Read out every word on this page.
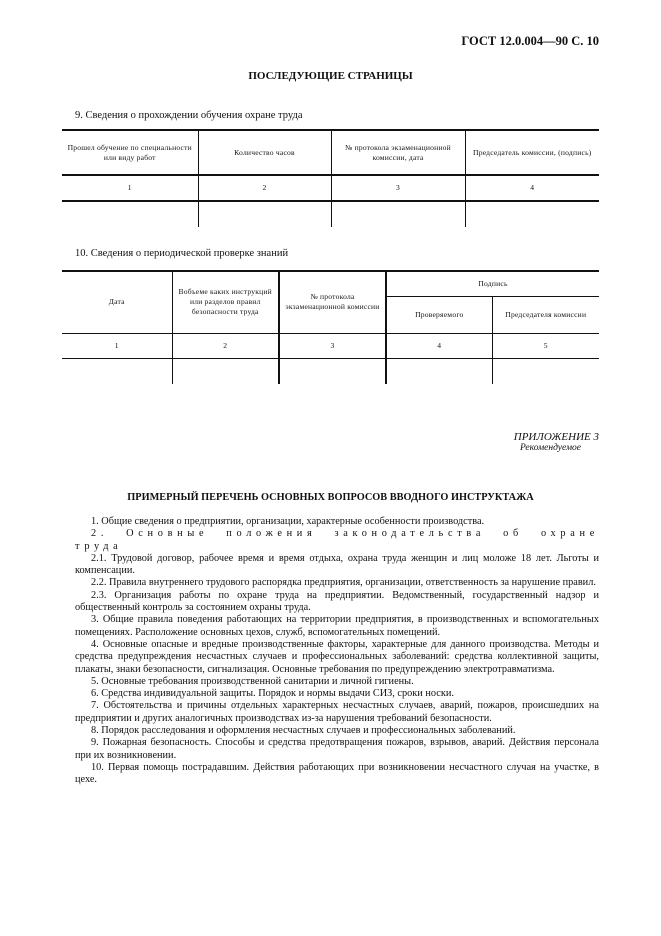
ГОСТ 12.0.004—90 С. 10
ПОСЛЕДУЮЩИЕ СТРАНИЦЫ
9. Сведения о прохождении обучения охране труда
Прошел обучение по специальности или виду работ	Количество часов	№ протокола экзаменационной комиссии, дата	Председатель комиссии, (подпись)
1	2	3	4

10. Сведения о периодической проверке знаний
Дата	Вобъеме каких инструкций или разделов правил безопасности труда	№ протокола экзаменационной комиссии	Подпись	
			Проверяемого	Председателя комиссии
1	2	3	4	5

ПРИЛОЖЕНИЕ 3
Рекомендуемое
ПРИМЕРНЫЙ ПЕРЕЧЕНЬ ОСНОВНЫХ ВОПРОСОВ ВВОДНОГО ИНСТРУКТАЖА

1. Общие сведения о предприятии, организации, характерные особенности производства.

2. Основные положения законодательства об охране труда

2.1. Трудовой договор, рабочее время и время отдыха, охрана труда женщин и лиц моложе 18 лет. Льготы и компенсации.

2.2. Правила внутреннего трудового распорядка предприятия, организации, ответственность за нарушение правил.

2.3. Организация работы по охране труда на предприятии. Ведомственный, государственный надзор и общественный контроль за состоянием охраны труда.

3. Общие правила поведения работающих на территории предприятия, в производственных и вспомогательных помещениях. Расположение основных цехов, служб, вспомогательных помещений.

4. Основные опасные и вредные производственные факторы, характерные для данного производства. Методы и средства предупреждения несчастных случаев и профессиональных заболеваний: средства коллективной защиты, плакаты, знаки безопасности, сигнализация. Основные требования по предупреждению электротравматизма.

5. Основные требования производственной санитарии и личной гигиены.

6. Средства индивидуальной защиты. Порядок и нормы выдачи СИЗ, сроки носки.

7. Обстоятельства и причины отдельных характерных несчастных случаев, аварий, пожаров, происшедших на предприятии и других аналогичных производствах из-за нарушения требований безопасности.

8. Порядок расследования и оформления несчастных случаев и профессиональных заболеваний.

9. Пожарная безопасность. Способы и средства предотвращения пожаров, взрывов, аварий. Действия персонала при их возникновении.

10. Первая помощь пострадавшим. Действия работающих при возникновении несчастного случая на участке, в цехе.
